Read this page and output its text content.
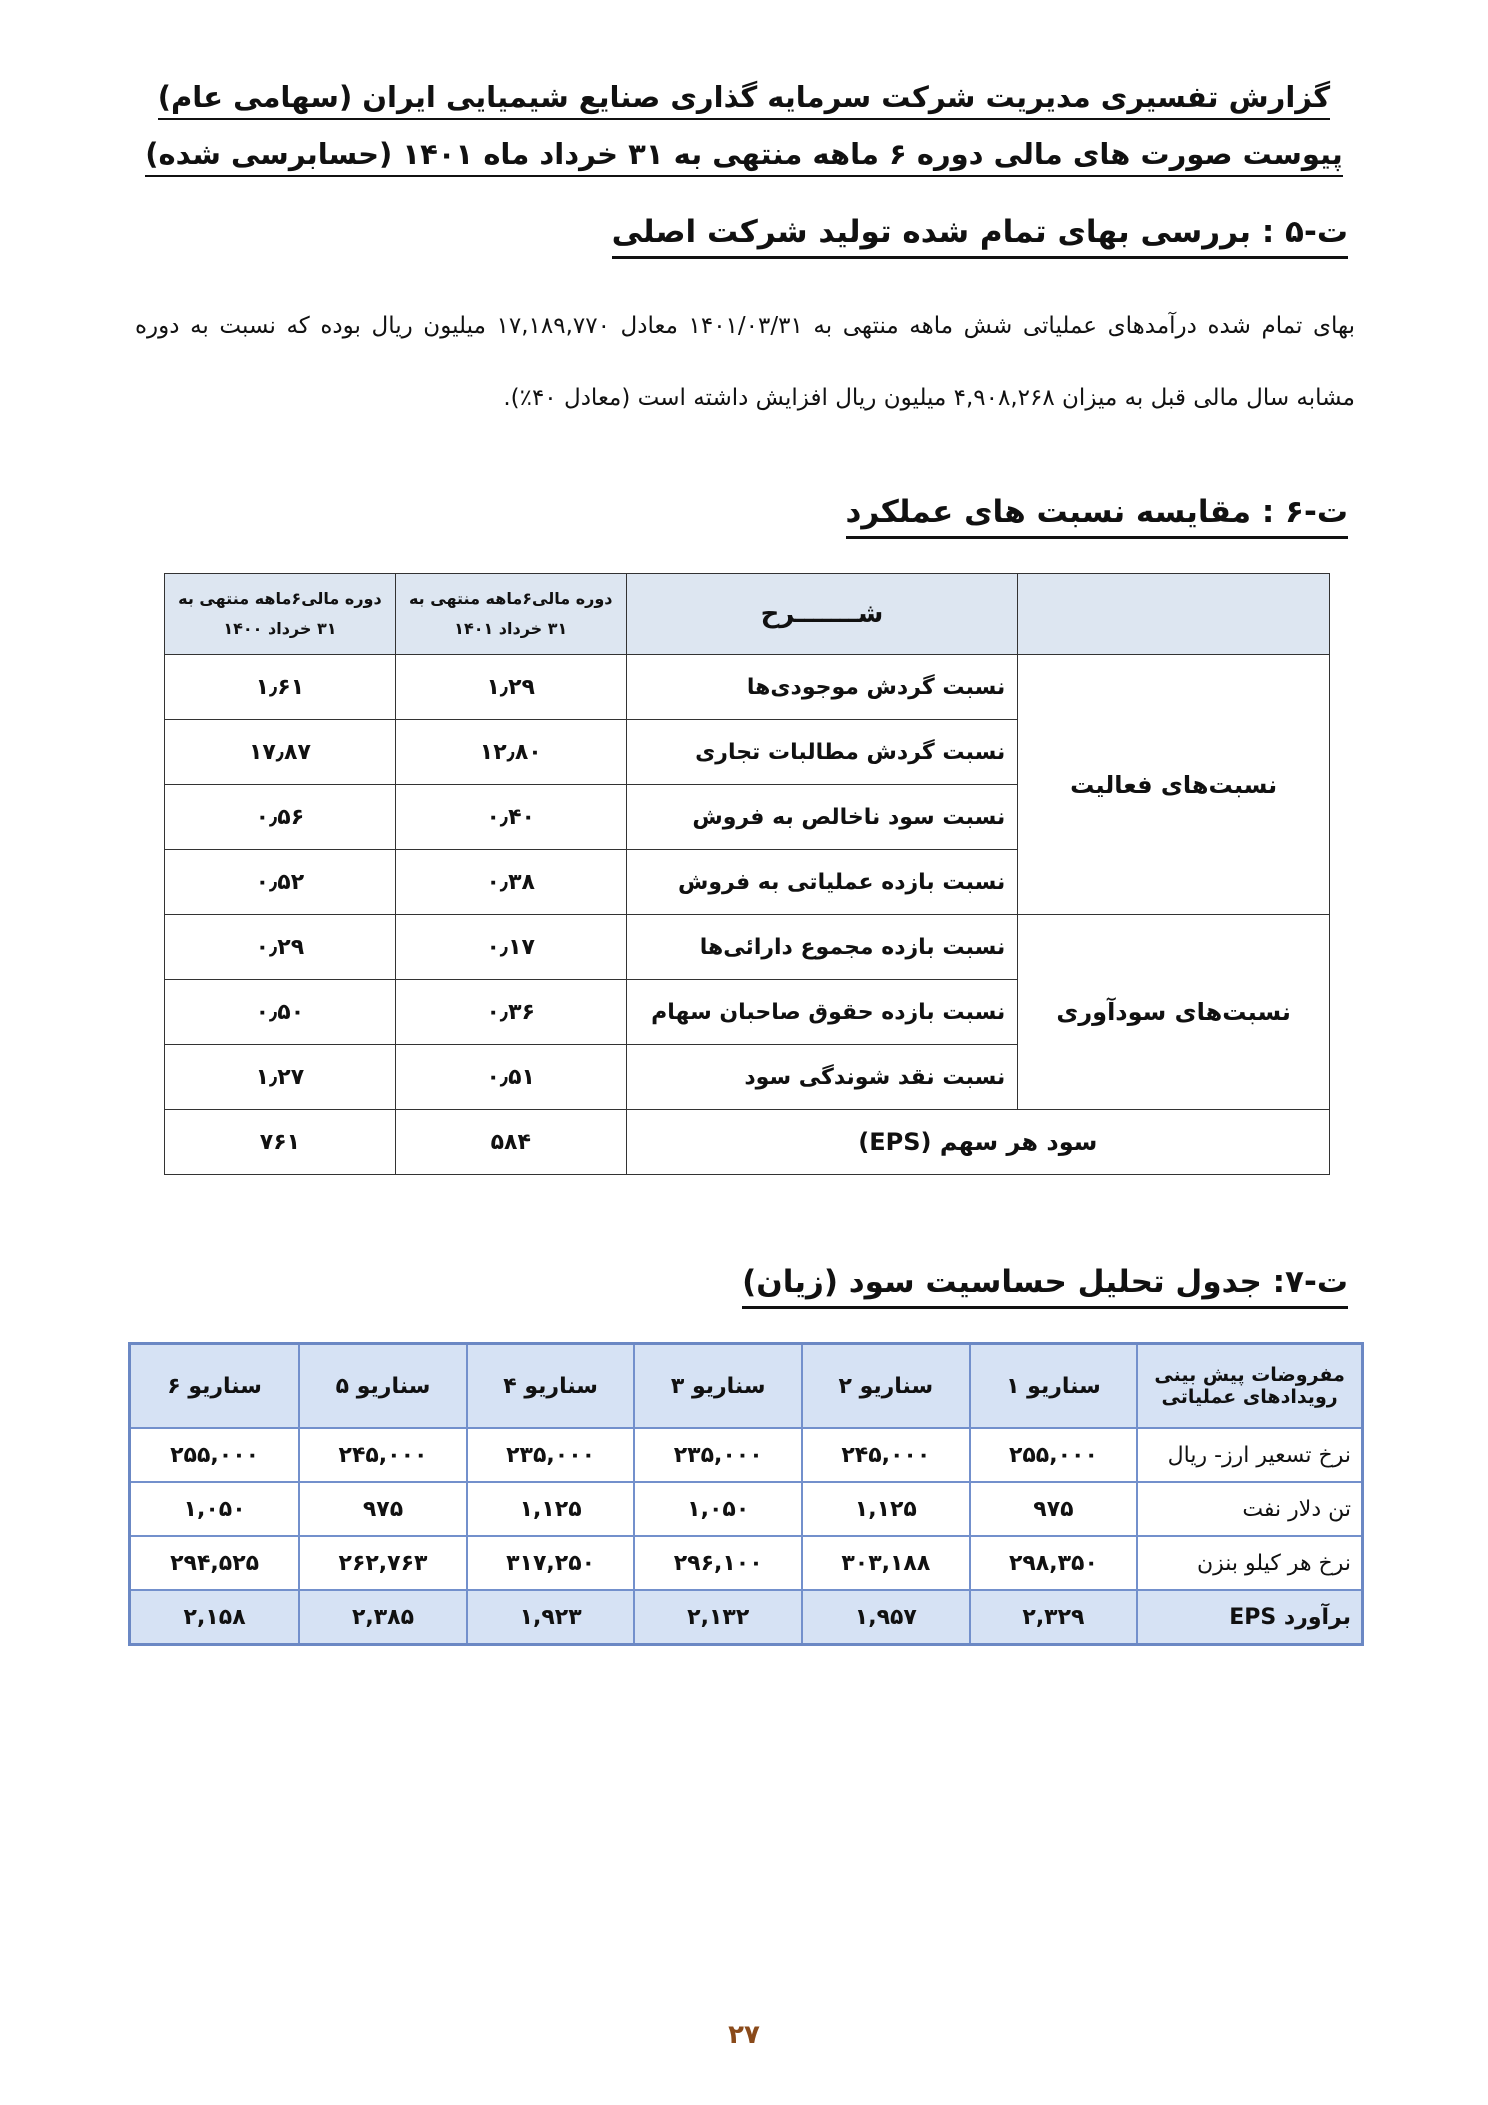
گزارش تفسیری مدیریت شرکت سرمایه گذاری صنایع شیمیایی ایران (سهامی عام)
پیوست صورت های مالی دوره ۶ ماهه منتهی به ۳۱ خرداد ماه ۱۴۰۱ (حسابرسی شده)
ت-۵ : بررسی بهای تمام شده تولید شرکت اصلی
بهای تمام شده درآمدهای عملیاتی شش ماهه منتهی به ۱۴۰۱/۰۳/۳۱ معادل ۱۷,۱۸۹,۷۷۰ میلیون ریال بوده که نسبت به دوره مشابه سال مالی قبل به میزان ۴,۹۰۸,۲۶۸ میلیون ریال افزایش داشته است (معادل ۴۰٪).
ت-۶ : مقایسه نسبت های عملکرد
	شـــــــرح	دوره مالی۶ماهه منتهی به ۳۱ خرداد ۱۴۰۱	دوره مالی۶ماهه منتهی به ۳۱ خرداد ۱۴۰۰
نسبت‌های فعالیت	نسبت گردش موجودی‌ها	۱٫۲۹	۱٫۶۱
	نسبت گردش مطالبات تجاری	۱۲٫۸۰	۱۷٫۸۷
	نسبت سود ناخالص به فروش	۰٫۴۰	۰٫۵۶
	نسبت بازده عملیاتی به فروش	۰٫۳۸	۰٫۵۲
نسبت‌های سودآوری	نسبت بازده مجموع دارائی‌ها	۰٫۱۷	۰٫۲۹
	نسبت بازده حقوق صاحبان سهام	۰٫۳۶	۰٫۵۰
	نسبت نقد شوندگی سود	۰٫۵۱	۱٫۲۷
سود هر سهم (EPS)		۵۸۴	۷۶۱
ت-۷: جدول تحلیل حساسیت سود (زیان)
مفروضات پیش بینی رویدادهای عملیاتی	سناریو ۱	سناریو ۲	سناریو ۳	سناریو ۴	سناریو ۵	سناریو ۶
نرخ تسعیر ارز- ریال	۲۵۵,۰۰۰	۲۴۵,۰۰۰	۲۳۵,۰۰۰	۲۳۵,۰۰۰	۲۴۵,۰۰۰	۲۵۵,۰۰۰
تن دلار نفت	۹۷۵	۱,۱۲۵	۱,۰۵۰	۱,۱۲۵	۹۷۵	۱,۰۵۰
نرخ هر کیلو بنزن	۲۹۸,۳۵۰	۳۰۳,۱۸۸	۲۹۶,۱۰۰	۳۱۷,۲۵۰	۲۶۲,۷۶۳	۲۹۴,۵۲۵
برآورد EPS	۲,۳۲۹	۱,۹۵۷	۲,۱۳۲	۱,۹۲۳	۲,۳۸۵	۲,۱۵۸
۲۷
